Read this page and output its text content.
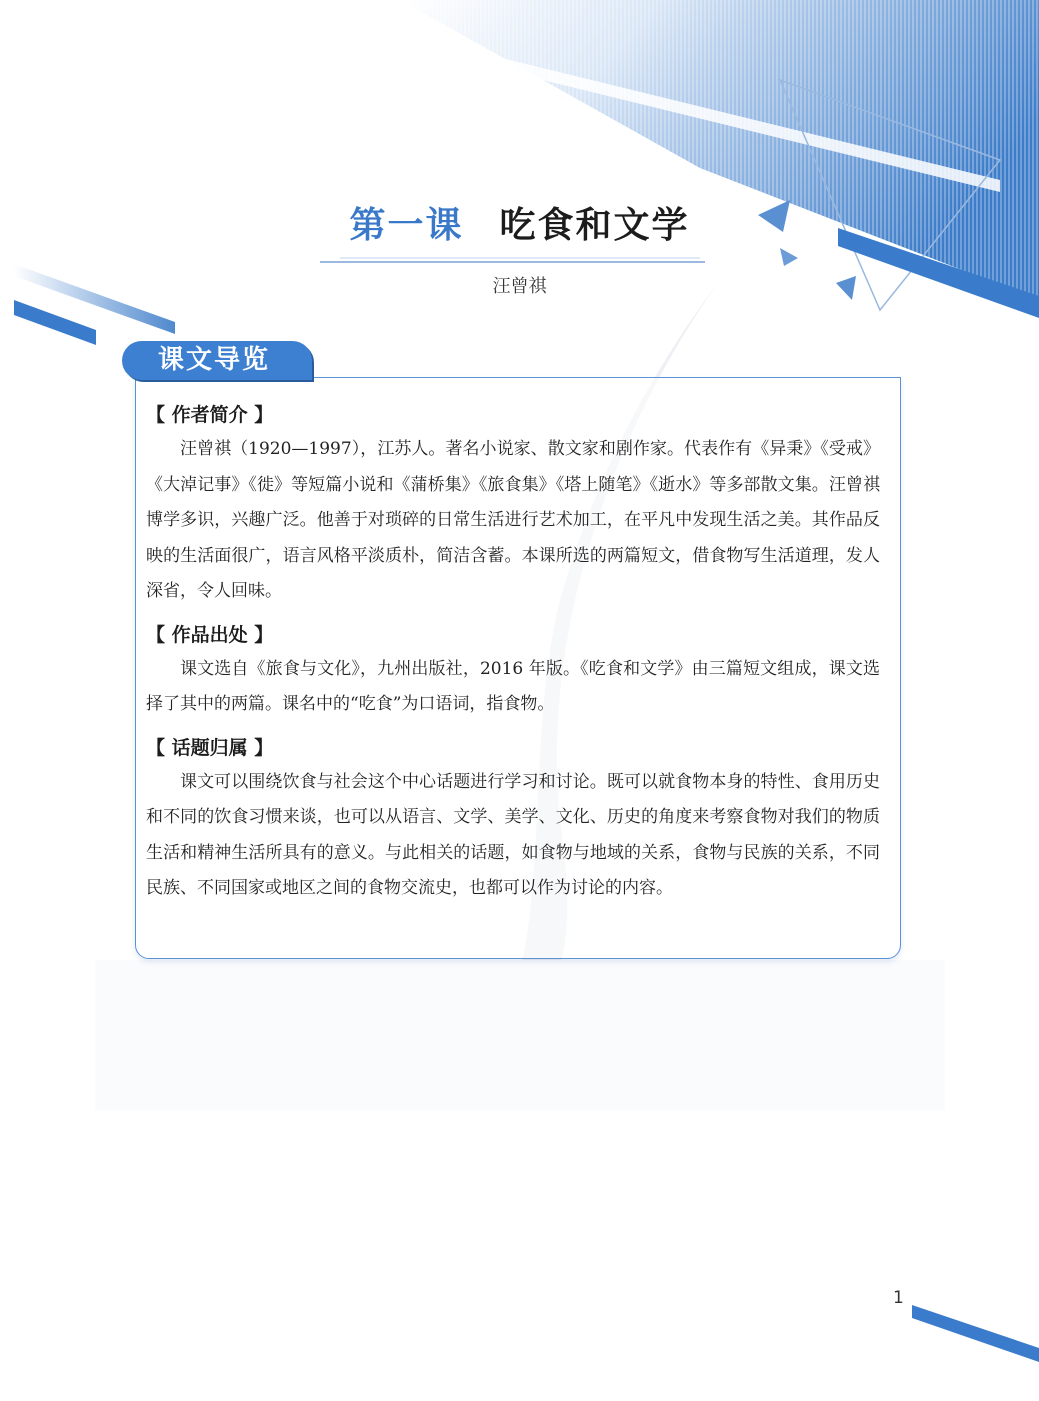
第一课 吃食和文学
汪曾祺
课文导览
【 作者简介 】

汪曾祺（1920—1997），江苏人。著名小说家、散文家和剧作家。代表作有《异秉》《受戒》《大淖记事》《徙》等短篇小说和《蒲桥集》《旅食集》《塔上随笔》《逝水》等多部散文集。汪曾祺博学多识，兴趣广泛。他善于对琐碎的日常生活进行艺术加工，在平凡中发现生活之美。其作品反映的生活面很广，语言风格平淡质朴，简洁含蓄。本课所选的两篇短文，借食物写生活道理，发人深省，令人回味。

【 作品出处 】

课文选自《旅食与文化》，九州出版社，2016 年版。《吃食和文学》由三篇短文组成，课文选择了其中的两篇。课名中的“吃食”为口语词，指食物。

【 话题归属 】

课文可以围绕饮食与社会这个中心话题进行学习和讨论。既可以就食物本身的特性、食用历史和不同的饮食习惯来谈，也可以从语言、文学、美学、文化、历史的角度来考察食物对我们的物质生活和精神生活所具有的意义。与此相关的话题，如食物与地域的关系，食物与民族的关系，不同民族、不同国家或地区之间的食物交流史，也都可以作为讨论的内容。

1
